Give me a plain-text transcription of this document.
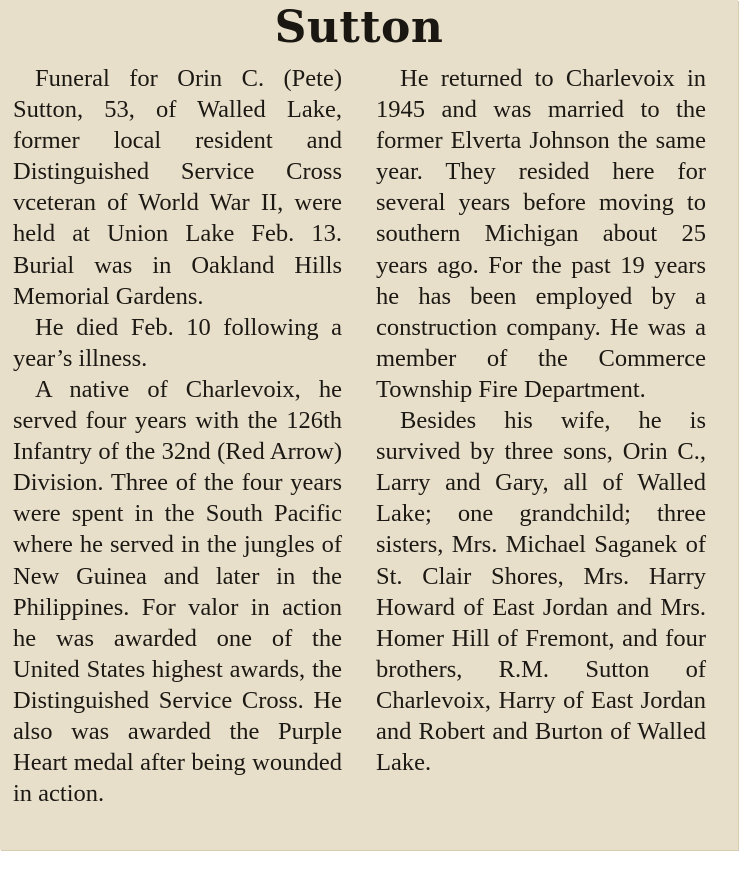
Sutton

Funeral for Orin C. (Pete) Sutton, 53, of Walled Lake, former local resident and Distinguished Service Cross vceteran of World War II, were held at Union Lake Feb. 13. Burial was in Oakland Hills Memorial Gardens.

He died Feb. 10 following a year’s illness.

A native of Charlevoix, he served four years with the 126th Infantry of the 32nd (Red Arrow) Division. Three of the four years were spent in the South Pacific where he served in the jungles of New Guinea and later in the Philippines. For valor in action he was awarded one of the United States highest awards, the Distinguished Service Cross. He also was awarded the Purple Heart medal after being wounded in action.

He returned to Charlevoix in 1945 and was married to the former Elverta Johnson the same year. They resided here for several years before moving to southern Michigan about 25 years ago. For the past 19 years he has been employed by a construction company. He was a member of the Commerce Township Fire Department.

Besides his wife, he is survived by three sons, Orin C., Larry and Gary, all of Walled Lake; one grandchild; three sisters, Mrs. Michael Saganek of St. Clair Shores, Mrs. Harry Howard of East Jordan and Mrs. Homer Hill of Fremont, and four brothers, R.M. Sutton of Charlevoix, Harry of East Jordan and Robert and Burton of Walled Lake.
